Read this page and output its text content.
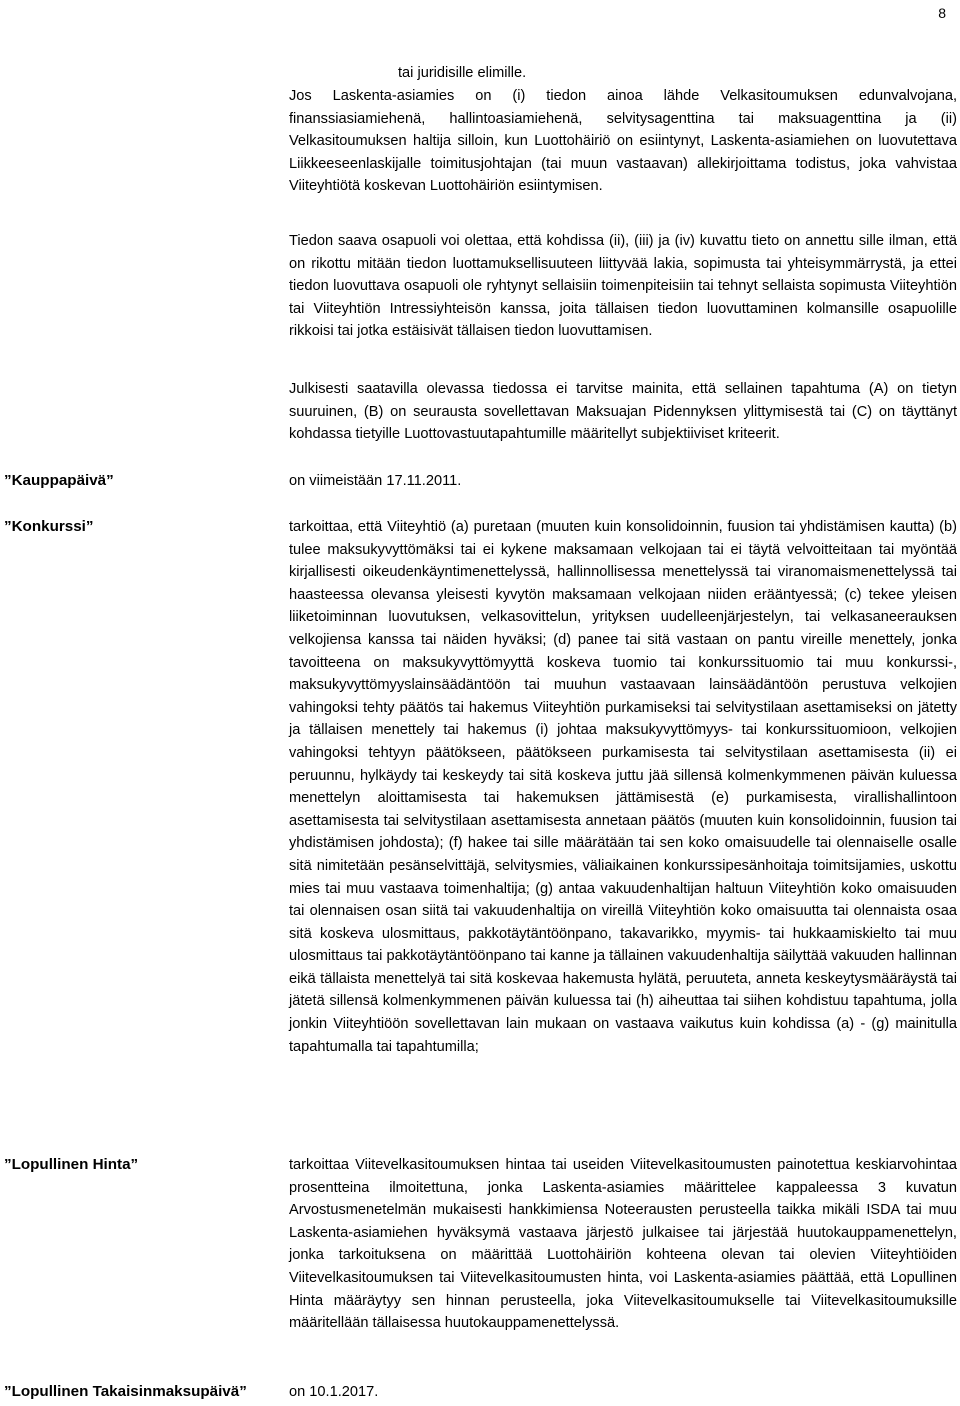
8

tai juridisille elimille.

Jos Laskenta-asiamies on (i) tiedon ainoa lähde Velkasitoumuksen edunvalvojana, finanssiasiamiehenä, hallintoasiamiehenä, selvitysagenttina tai maksuagenttina ja (ii) Velkasitoumuksen haltija silloin, kun Luottohäiriö on esiintynyt, Laskenta-asiamiehen on luovutettava Liikkeeseenlaskijalle toimitusjohtajan (tai muun vastaavan) allekirjoittama todistus, joka vahvistaa Viiteyhtiötä koskevan Luottohäiriön esiintymisen.

Tiedon saava osapuoli voi olettaa, että kohdissa (ii), (iii) ja (iv) kuvattu tieto on annettu sille ilman, että on rikottu mitään tiedon luottamuksellisuuteen liittyvää lakia, sopimusta tai yhteisymmärrystä, ja ettei tiedon luovuttava osapuoli ole ryhtynyt sellaisiin toimenpiteisiin tai tehnyt sellaista sopimusta Viiteyhtiön tai Viiteyhtiön Intressiyhteisön kanssa, joita tällaisen tiedon luovuttaminen kolmansille osapuolille rikkoisi tai jotka estäisivät tällaisen tiedon luovuttamisen.

Julkisesti saatavilla olevassa tiedossa ei tarvitse mainita, että sellainen tapahtuma (A) on tietyn suuruinen, (B) on seurausta sovellettavan Maksuajan Pidennyksen ylittymisestä tai (C) on täyttänyt kohdassa tietyille Luottovastuutapahtumille määritellyt subjektiiviset kriteerit.

”Kauppapäivä”	on viimeistään 17.11.2011.

”Konkurssi”	tarkoittaa, että Viiteyhtiö (a) puretaan (muuten kuin konsolidoinnin, fuusion tai yhdistämisen kautta) (b) tulee maksukyvyttömäksi tai ei kykene maksamaan velkojaan tai ei täytä velvoitteitaan tai myöntää kirjallisesti oikeudenkäyntimenettelyssä, hallinnollisessa menettelyssä tai viranomaismenettelyssä tai haasteessa olevansa yleisesti kyvytön maksamaan velkojaan niiden erääntyessä; (c) tekee yleisen liiketoiminnan luovutuksen, velkasovittelun, yrityksen uudelleenjärjestelyn, tai velkasaneerauksen velkojiensa kanssa tai näiden hyväksi; (d) panee tai sitä vastaan on pantu vireille menettely, jonka tavoitteena on maksukyvyttömyyttä koskeva tuomio tai konkurssituomio tai muu konkurssi-, maksukyvyttömyyslainsäädäntöön tai muuhun vastaavaan lainsäädäntöön perustuva velkojien vahingoksi tehty päätös tai hakemus Viiteyhtiön purkamiseksi tai selvitystilaan asettamiseksi on jätetty ja tällaisen menettely tai hakemus (i) johtaa maksukyvyttömyys- tai konkurssituomioon, velkojien vahingoksi tehtyyn päätökseen, päätökseen purkamisesta tai selvitystilaan asettamisesta (ii) ei peruunnu, hylkäydy tai keskeydy tai sitä koskeva juttu jää sillensä kolmenkymmenen päivän kuluessa menettelyn aloittamisesta tai hakemuksen jättämisestä (e) purkamisesta, virallishallintoon asettamisesta tai selvitystilaan asettamisesta annetaan päätös (muuten kuin konsolidoinnin, fuusion tai yhdistämisen johdosta); (f) hakee tai sille määrätään tai sen koko omaisuudelle tai olennaiselle osalle sitä nimitetään pesänselvittäjä, selvitysmies, väliaikainen konkurssipesänhoitaja toimitsijamies, uskottu mies tai muu vastaava toimenhaltija; (g) antaa vakuudenhaltijan haltuun Viiteyhtiön koko omaisuuden tai olennaisen osan siitä tai vakuudenhaltija on vireillä Viiteyhtiön koko omaisuutta tai olennaista osaa sitä koskeva ulosmittaus, pakkotäytäntöönpano, takavarikko, myymis- tai hukkaamiskielto tai muu ulosmittaus tai pakkotäytäntöönpano tai kanne ja tällainen vakuudenhaltija säilyttää vakuuden hallinnan eikä tällaista menettelyä tai sitä koskevaa hakemusta hylätä, peruuteta, anneta keskeytysmääräystä tai jätetä sillensä kolmenkymmenen päivän kuluessa tai (h) aiheuttaa tai siihen kohdistuu tapahtuma, jolla jonkin Viiteyhtiöön sovellettavan lain mukaan on vastaava vaikutus kuin kohdissa (a) - (g) mainitulla tapahtumalla tai tapahtumilla;

”Lopullinen Hinta”	tarkoittaa Viitevelkasitoumuksen hintaa tai useiden Viitevelkasitoumusten painotettua keskiarvohintaa prosentteina ilmoitettuna, jonka Laskenta-asiamies määrittelee kappaleessa 3 kuvatun Arvostusmenetelmän mukaisesti hankkimiensa Noteerausten perusteella taikka mikäli ISDA tai muu Laskenta-asiamiehen hyväksymä vastaava järjestö julkaisee tai järjestää huutokauppamenettelyn, jonka tarkoituksena on määrittää Luottohäiriön kohteena olevan tai olevien Viiteyhtiöiden Viitevelkasitoumuksen tai Viitevelkasitoumusten hinta, voi Laskenta-asiamies päättää, että Lopullinen Hinta määräytyy sen hinnan perusteella, joka Viitevelkasitoumukselle tai Viitevelkasitoumuksille määritellään tällaisessa huutokauppamenettelyssä.

”Lopullinen Takaisinmaksupäivä”	on 10.1.2017.
